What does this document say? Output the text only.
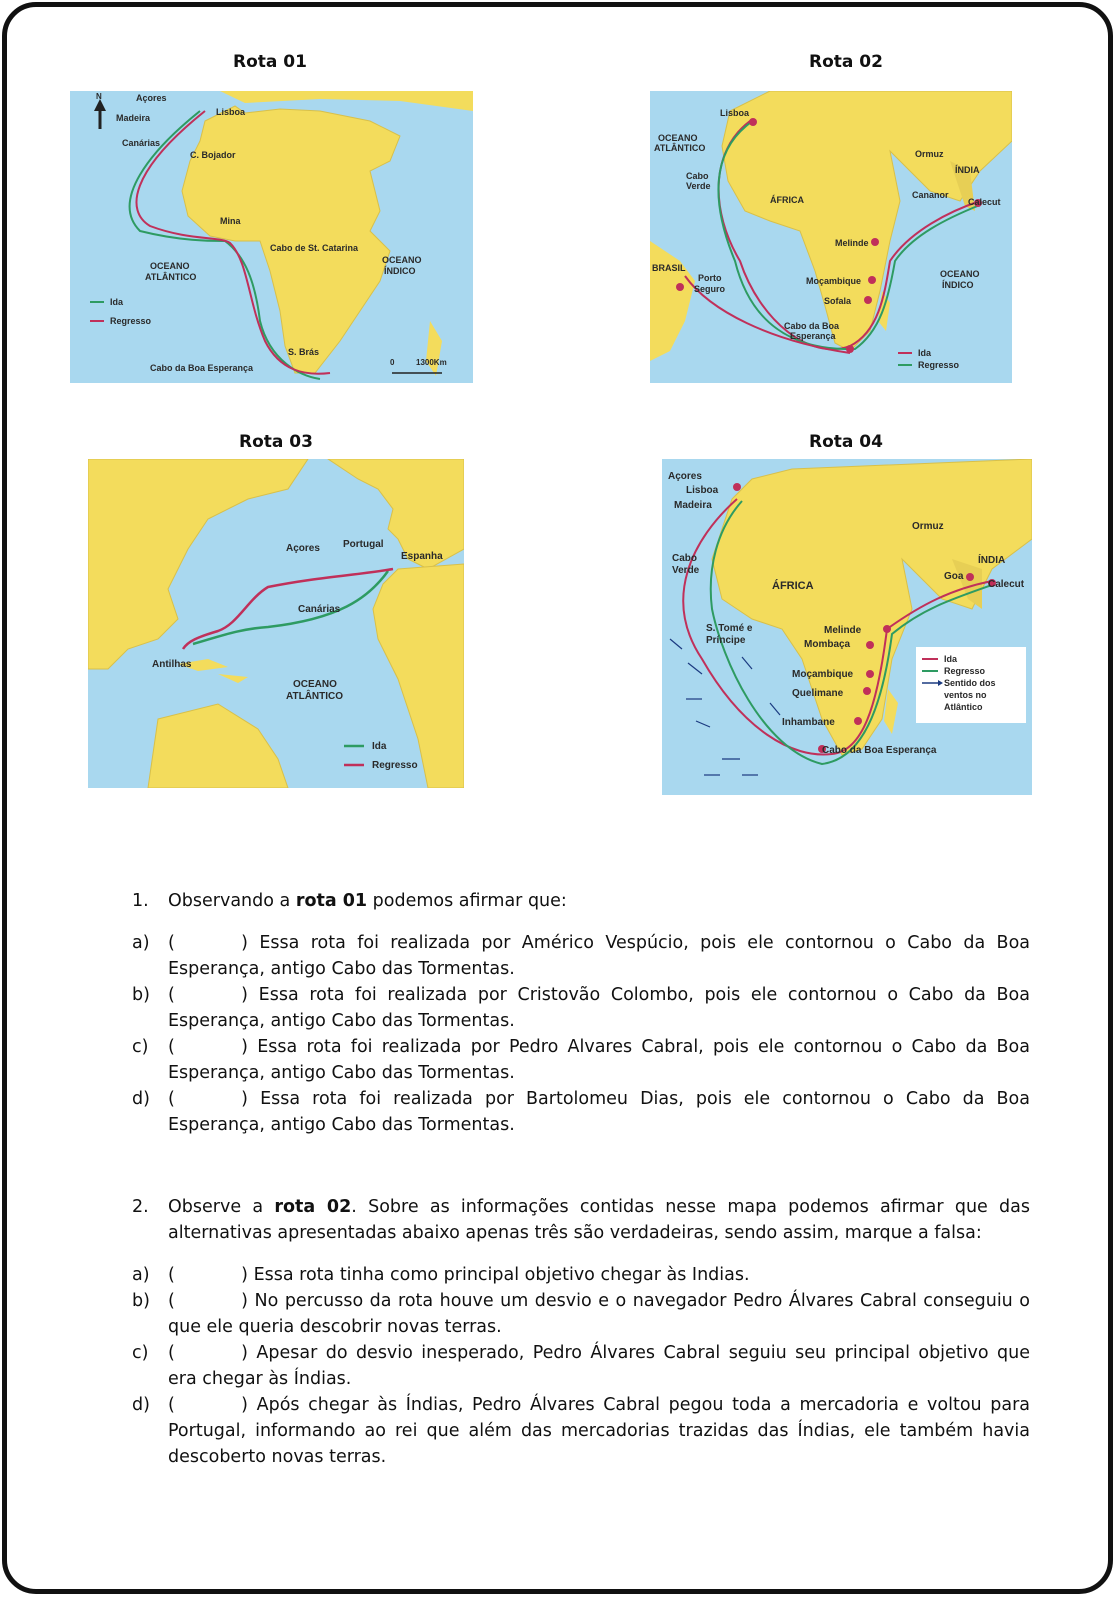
Rota 01
N	Açores
Madeira
Lisboa
Canárias
C. Bojador
Mina
Cabo de St. Catarina
OCEANO
ATLÂNTICO
OCEANO
ÍNDICO
Ida
Regresso
S. Brás
Cabo da Boa Esperança
0	1300Km
Rota 02
Lisboa
OCEANO
ATLÂNTICO
Cabo
Verde
ÁFRICA
Ormuz
ÍNDIA
Cananor
Calecut
Melinde
BRASIL
Porto
Seguro
Moçambique
Sofala
OCEANO
ÍNDICO
Cabo da Boa
Esperança
Ida
Regresso
Rota 03
Açores Portugal
Espanha
Canárias
Antilhas
OCEANO
ATLÂNTICO
Ida
Regresso
Rota 04
Açores
Lisboa
Madeira
Ormuz
ÍNDIA
Cabo
Verde
ÁFRICA
Goa
Calecut
S. Tomé e
Príncipe
Melinde
Mombaça
Moçambique
Quelimane
Inhambane
Cabo da Boa Esperança
Ida
Regresso
Sentido dos
ventos no
Atlântico
1.	Observando a rota 01 podemos afirmar que:
a) ( )	Essa rota foi realizada por Américo Vespúcio, pois ele contornou o Cabo da Boa Esperança, antigo Cabo das Tormentas.
b) ( )	Essa rota foi realizada por Cristovão Colombo, pois ele contornou o Cabo da Boa Esperança, antigo Cabo das Tormentas.
c) ( )	Essa rota foi realizada por Pedro Alvares Cabral, pois ele contornou o Cabo da Boa Esperança, antigo Cabo das Tormentas.
d) ( )	Essa rota foi realizada por Bartolomeu Dias, pois ele contornou o Cabo da Boa Esperança, antigo Cabo das Tormentas.
2.	Observe a rota 02. Sobre as informações contidas nesse mapa podemos afirmar que das alternativas apresentadas abaixo apenas três são verdadeiras, sendo assim, marque a falsa:
a) ( )	Essa rota tinha como principal objetivo chegar às Indias.
b) ( )	No percusso da rota houve um desvio e o navegador Pedro Álvares Cabral conseguiu o que ele queria descobrir novas terras.
c) ( )	Apesar do desvio inesperado, Pedro Álvares Cabral seguiu seu principal objetivo que era chegar às Índias.
d) ( )	Após chegar às Índias, Pedro Álvares Cabral pegou toda a mercadoria e voltou para Portugal, informando ao rei que além das mercadorias trazidas das Índias, ele também havia descoberto novas terras.
